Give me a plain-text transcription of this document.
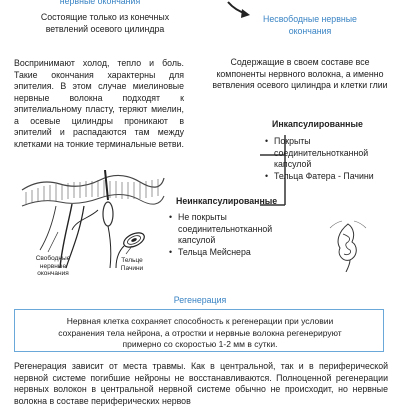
нервные окончания
Состоящие только из конечных ветвлений осевого цилиндра
Воспринимают холод, тепло и боль. Такие окончания характерны для эпителия. В этом случае миелиновые нервные волокна подходят к эпителиальному пласту, теряют миелин, а осевые цилиндры проникают в эпителий и распадаются там между клетками на тонкие терминальные ветви.
Несвободные нервные окончания
Содержащие в своем составе все компоненты нервного волокна, а именно ветвления осевого цилиндра и клетки глии
Инкапсулированные
• Покрыты соединительнотканной капсулой
• Тельца Фатера - Пачини
Неинкапсулированные
• Не покрыты соединительнотканной капсулой
• Тельца Мейснера
Свободные нервные окончания
Тельце Пачини
Регенерация
Нервная клетка сохраняет способность к регенерации при условии сохранения тела нейрона, а отростки и нервные волокна регенерируют примерно со скоростью 1-2 мм в сутки.
Регенерация зависит от места травмы. Как в центральной, так и в периферической нервной системе погибшие нейроны не восстанавливаются. Полноценной регенерации нервных волокон в центральной нервной системе обычно не происходит, но нервные волокна в составе периферических нервов
